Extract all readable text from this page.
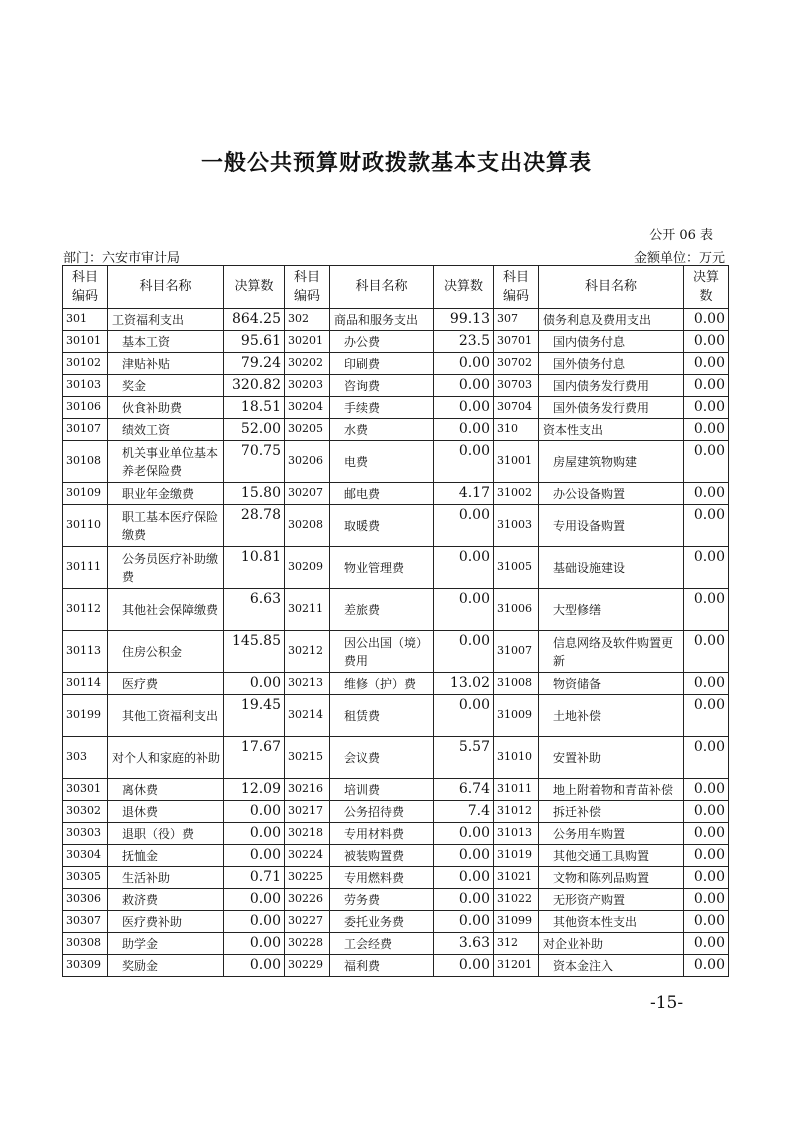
一般公共预算财政拨款基本支出决算表
公开 06 表
部门：六安市审计局	金额单位：万元
科目编码	科目名称	决算数	科目编码	科目名称	决算数	科目编码	科目名称	决算数
301	工资福利支出	864.25	302	商品和服务支出	99.13	307	债务利息及费用支出	0.00
30101	基本工资	95.61	30201	办公费	23.5	30701	国内债务付息	0.00
30102	津贴补贴	79.24	30202	印刷费	0.00	30702	国外债务付息	0.00
30103	奖金	320.82	30203	咨询费	0.00	30703	国内债务发行费用	0.00
30106	伙食补助费	18.51	30204	手续费	0.00	30704	国外债务发行费用	0.00
30107	绩效工资	52.00	30205	水费	0.00	310	资本性支出	0.00
30108	机关事业单位基本养老保险费	70.75	30206	电费	0.00	31001	房屋建筑物购建	0.00
30109	职业年金缴费	15.80	30207	邮电费	4.17	31002	办公设备购置	0.00
30110	职工基本医疗保险缴费	28.78	30208	取暖费	0.00	31003	专用设备购置	0.00
30111	公务员医疗补助缴费	10.81	30209	物业管理费	0.00	31005	基础设施建设	0.00
30112	其他社会保障缴费	6.63	30211	差旅费	0.00	31006	大型修缮	0.00
30113	住房公积金	145.85	30212	因公出国（境）费用	0.00	31007	信息网络及软件购置更新	0.00
30114	医疗费	0.00	30213	维修（护）费	13.02	31008	物资储备	0.00
30199	其他工资福利支出	19.45	30214	租赁费	0.00	31009	土地补偿	0.00
303	对个人和家庭的补助	17.67	30215	会议费	5.57	31010	安置补助	0.00
30301	离休费	12.09	30216	培训费	6.74	31011	地上附着物和青苗补偿	0.00
30302	退休费	0.00	30217	公务招待费	7.4	31012	拆迁补偿	0.00
30303	退职（役）费	0.00	30218	专用材料费	0.00	31013	公务用车购置	0.00
30304	抚恤金	0.00	30224	被装购置费	0.00	31019	其他交通工具购置	0.00
30305	生活补助	0.71	30225	专用燃料费	0.00	31021	文物和陈列品购置	0.00
30306	救济费	0.00	30226	劳务费	0.00	31022	无形资产购置	0.00
30307	医疗费补助	0.00	30227	委托业务费	0.00	31099	其他资本性支出	0.00
30308	助学金	0.00	30228	工会经费	3.63	312	对企业补助	0.00
30309	奖励金	0.00	30229	福利费	0.00	31201	资本金注入	0.00
-15-
